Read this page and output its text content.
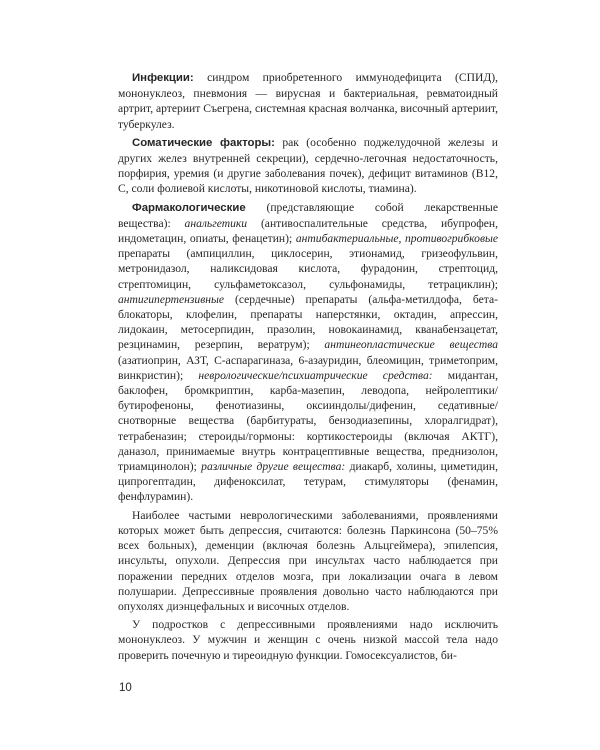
Инфекции: синдром приобретенного иммунодефицита (СПИД), мононуклеоз, пневмония — вирусная и бактериальная, ревматоидный артрит, артериит Съегрена, системная красная волчанка, височный артериит, туберкулез.

Соматические факторы: рак (особенно поджелудочной железы и других желез внутренней секреции), сердечно-легочная недостаточность, порфирия, уремия (и другие заболевания почек), дефицит витаминов (B12, C, соли фолиевой кислоты, никотиновой кислоты, тиамина).

Фармакологические (представляющие собой лекарственные вещества): анальгетики (антивоспалительные средства, ибупрофен, индометацин, опиаты, фенацетин); антибактериальные, противогрибковые препараты (ампициллин, циклосерин, этионамид, гризеофульвин, метронидазол, наликсидовая кислота, фурадонин, стрептоцид, стрептомицин, сульфаметоксазол, сульфонамиды, тетрациклин); антигипертензивные (сердечные) препараты (альфа-метилдофа, бета-блокаторы, клофелин, препараты наперстянки, октадин, апрессин, лидокаин, метосерпидин, празолин, новокаинамид, кванабензацетат, резцинамин, резерпин, вератрум); антинеопластические вещества (азатиоприн, АЗТ, C-аспарагиназа, 6-азауридин, блеомицин, триметоприм, винкристин); неврологические/психиатрические средства: мидантан, баклофен, бромкриптин, карба-мазепин, леводопа, нейролептики/бутирофеноны, фенотиазины, оксииндолы/дифенин, седативные/снотворные вещества (барбитураты, бензодиазепины, хлоралгидрат), тетрабеназин; стероиды/гормоны: кортикостероиды (включая АКТГ), даназол, принимаемые внутрь контрацептивные вещества, преднизолон, триамцинолон); различные другие вещества: диакарб, холины, циметидин, ципрогептадин, дифеноксилат, тетурам, стимуляторы (фенамин, фенфлурамин).

Наиболее частыми неврологическими заболеваниями, проявлениями которых может быть депрессия, считаются: болезнь Паркинсона (50–75% всех больных), деменции (включая болезнь Альцгеймера), эпилепсия, инсульты, опухоли. Депрессия при инсультах часто наблюдается при поражении передних отделов мозга, при локализации очага в левом полушарии. Депрессивные проявления довольно часто наблюдаются при опухолях диэнцефальных и височных отделов.

У подростков с депрессивными проявлениями надо исключить мононуклеоз. У мужчин и женщин с очень низкой массой тела надо проверить почечную и тиреоидную функции. Гомосексуалистов, би-

10
